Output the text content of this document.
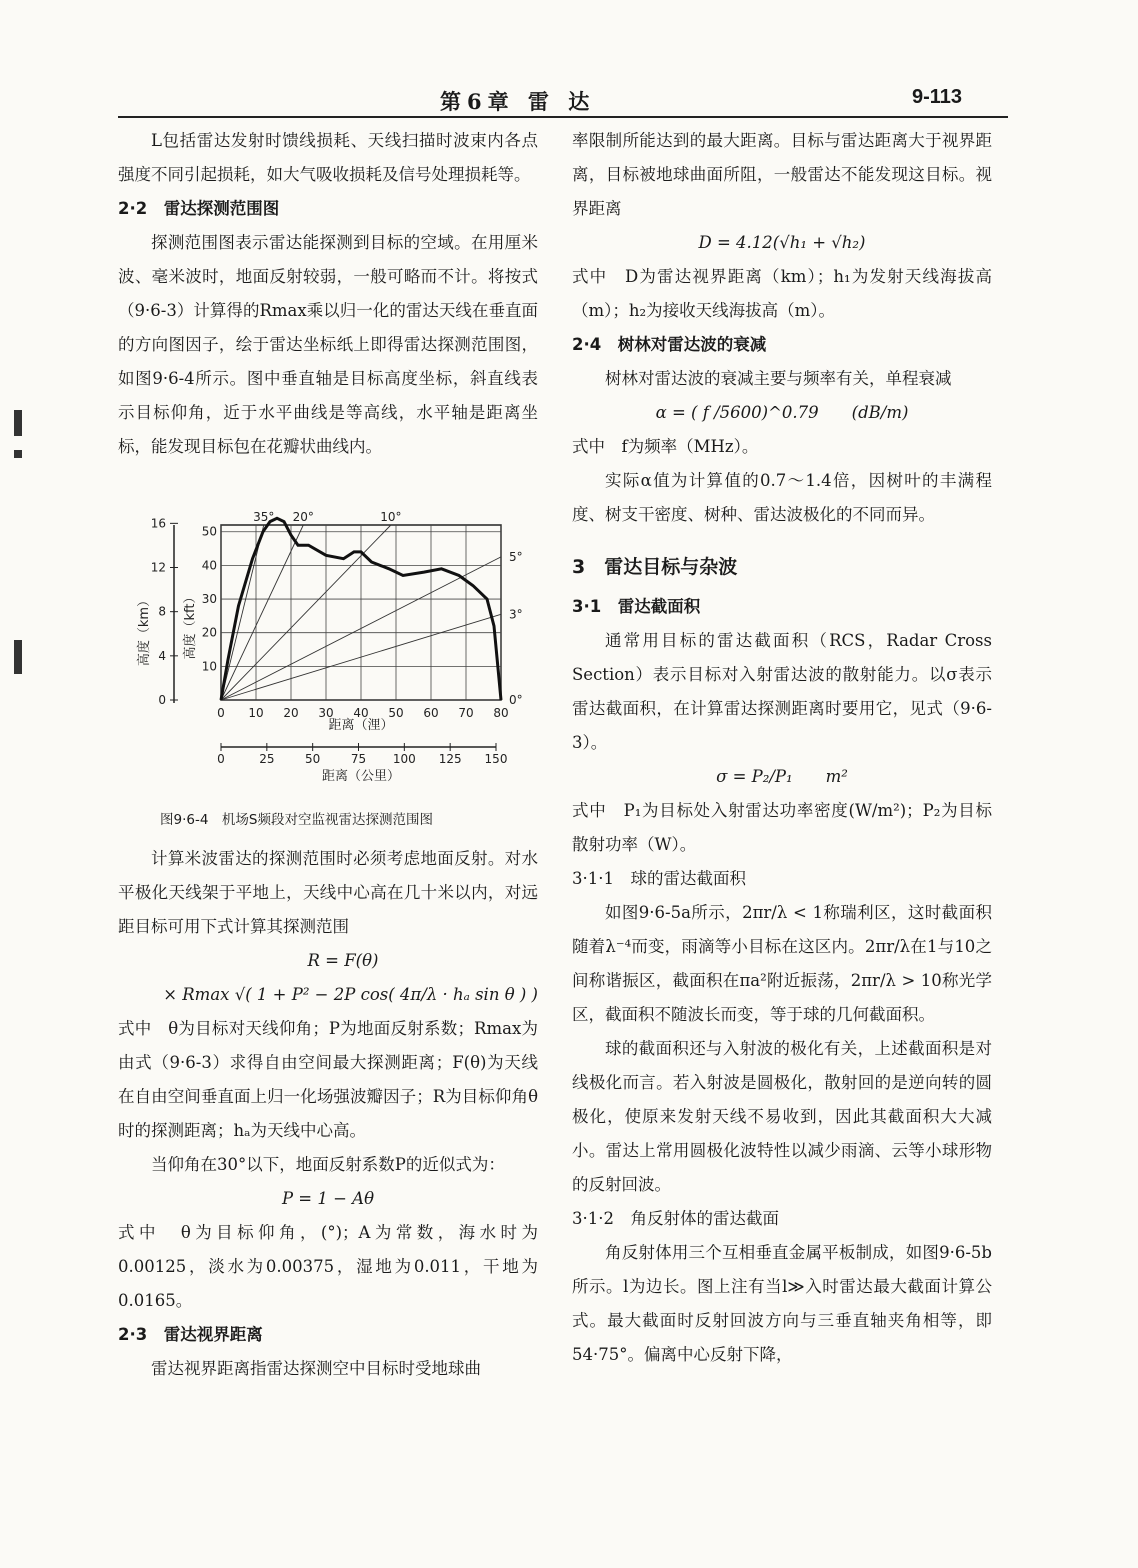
第6章 雷 达	9-113

L包括雷达发射时馈线损耗、天线扫描时波束内各点强度不同引起损耗，如大气吸收损耗及信号处理损耗等。

2·2　雷达探测范围图

探测范围图表示雷达能探测到目标的空域。在用厘米波、毫米波时，地面反射较弱，一般可略而不计。将按式（9·6-3）计算得的Rmax乘以归一化的雷达天线在垂直面的方向图因子，绘于雷达坐标纸上即得雷达探测范围图，如图9·6-4所示。图中垂直轴是目标高度坐标，斜直线表示目标仰角，近于水平曲线是等高线，水平轴是距离坐标，能发现目标包在花瓣状曲线内。

35° 20°	10°
5°
3°
0°
0 10 20 30 40 50 60 70 80
10
20
30
40
50
0
4
8
12
16
0	25	50	75 100 125 150
高度（km） 高度（kft）
距离（浬）
距离（公里）
图9·6-4　机场S频段对空监视雷达探测范围图

计算米波雷达的探测范围时必须考虑地面反射。对水平极化天线架于平地上，天线中心高在几十米以内，对远距目标可用下式计算其探测范围

R = F(θ)

× Rmax √( 1 + P² − 2P cos( 4π/λ · hₐ sin θ ) )

式中　θ为目标对天线仰角；P为地面反射系数；Rmax为由式（9·6-3）求得自由空间最大探测距离；F(θ)为天线在自由空间垂直面上归一化场强波瓣因子；R为目标仰角θ时的探测距离；hₐ为天线中心高。

当仰角在30°以下，地面反射系数P的近似式为：

P = 1 − Aθ

式中　θ为目标仰角，(°)；A为常数，海水时为0.00125，淡水为0.00375，湿地为0.011，干地为0.0165。

2·3　雷达视界距离

雷达视界距离指雷达探测空中目标时受地球曲

率限制所能达到的最大距离。目标与雷达距离大于视界距离，目标被地球曲面所阻，一般雷达不能发现这目标。视界距离

D = 4.12(√h₁ + √h₂)

式中　D为雷达视界距离（km）；h₁为发射天线海拔高（m）；h₂为接收天线海拔高（m）。

2·4　树林对雷达波的衰减

树林对雷达波的衰减主要与频率有关，单程衰减

α = ( f /5600)^0.79　　(dB/m)

式中　f为频率（MHz）。

实际α值为计算值的0.7～1.4倍，因树叶的丰满程度、树支干密度、树种、雷达波极化的不同而异。

3　雷达目标与杂波

3·1　雷达截面积

通常用目标的雷达截面积（RCS，Radar Cross Section）表示目标对入射雷达波的散射能力。以σ表示雷达截面积，在计算雷达探测距离时要用它，见式（9·6-3）。

σ = P₂/P₁　　m²

式中　P₁为目标处入射雷达功率密度(W/m²)；P₂为目标散射功率（W）。

3·1·1　球的雷达截面积

如图9·6-5a所示，2πr/λ < 1称瑞利区，这时截面积随着λ⁻⁴而变，雨滴等小目标在这区内。2πr/λ在1与10之间称谐振区，截面积在πa²附近振荡，2πr/λ > 10称光学区，截面积不随波长而变，等于球的几何截面积。

球的截面积还与入射波的极化有关，上述截面积是对线极化而言。若入射波是圆极化，散射回的是逆向转的圆极化，使原来发射天线不易收到，因此其截面积大大减小。雷达上常用圆极化波特性以减少雨滴、云等小球形物的反射回波。

3·1·2　角反射体的雷达截面

角反射体用三个互相垂直金属平板制成，如图9·6-5b所示。l为边长。图上注有当l≫入时雷达最大截面计算公式。最大截面时反射回波方向与三垂直轴夹角相等，即54·75°。偏离中心反射下降，
